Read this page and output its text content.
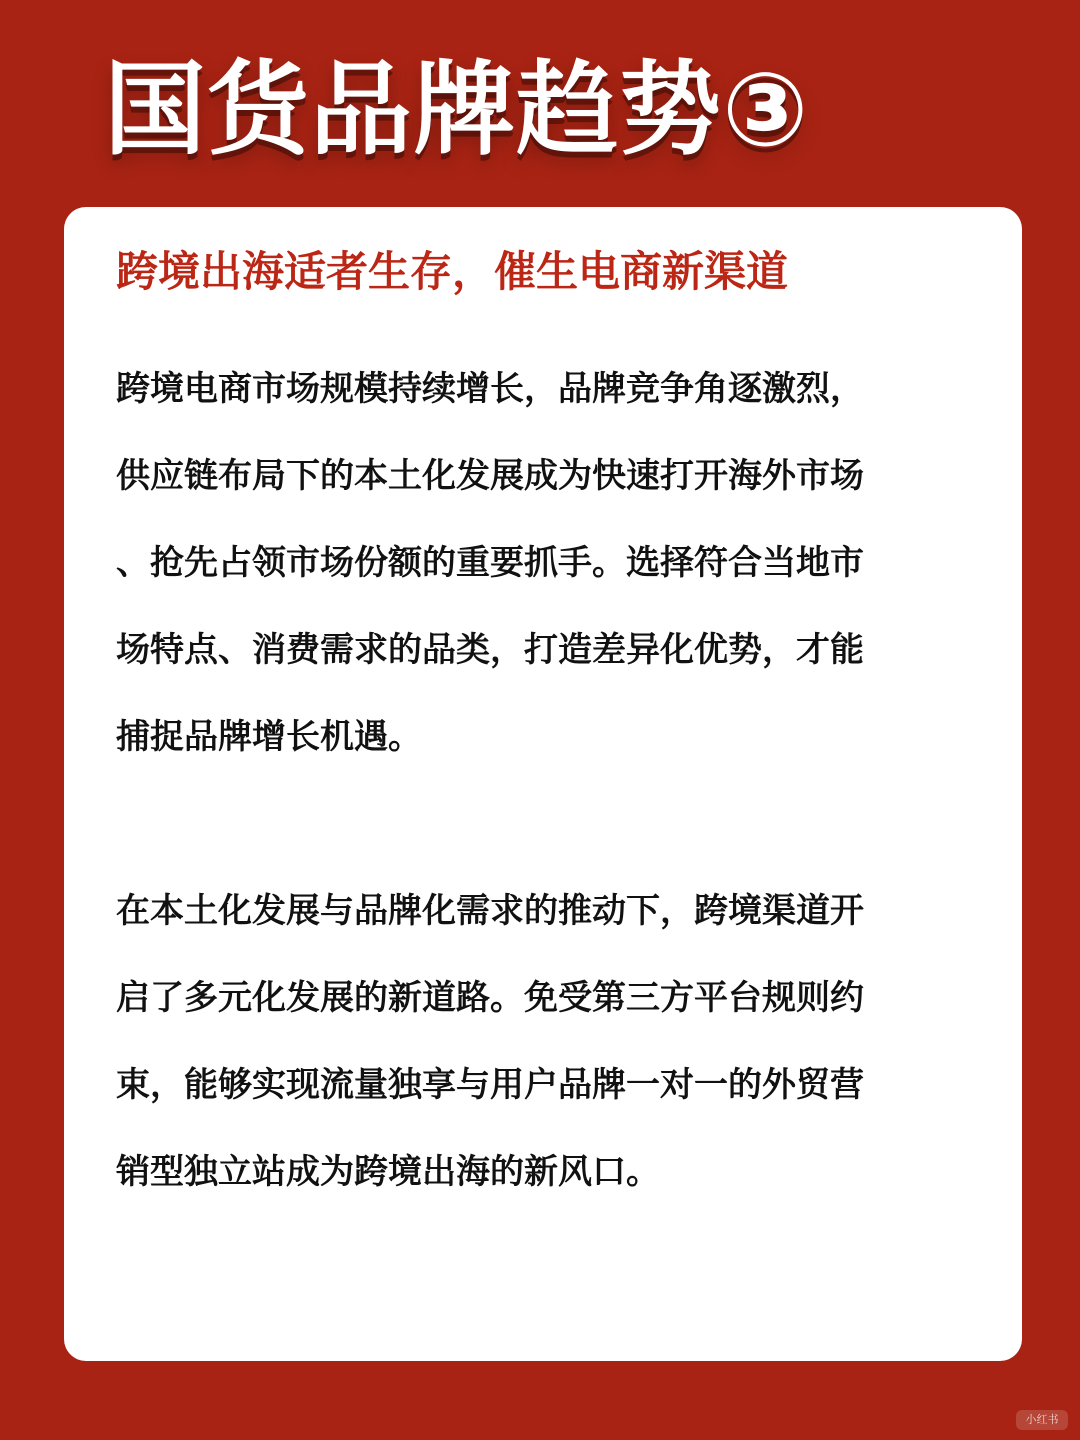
国货品牌趋势③
跨境出海适者生存，催生电商新渠道

跨境电商市场规模持续增长，品牌竞争角逐激烈，
供应链布局下的本土化发展成为快速打开海外市场
、抢先占领市场份额的重要抓手。选择符合当地市
场特点、消费需求的品类，打造差异化优势，才能
捕捉品牌增长机遇。

在本土化发展与品牌化需求的推动下，跨境渠道开
启了多元化发展的新道路。免受第三方平台规则约
束，能够实现流量独享与用户品牌一对一的外贸营
销型独立站成为跨境出海的新风口。

小红书
